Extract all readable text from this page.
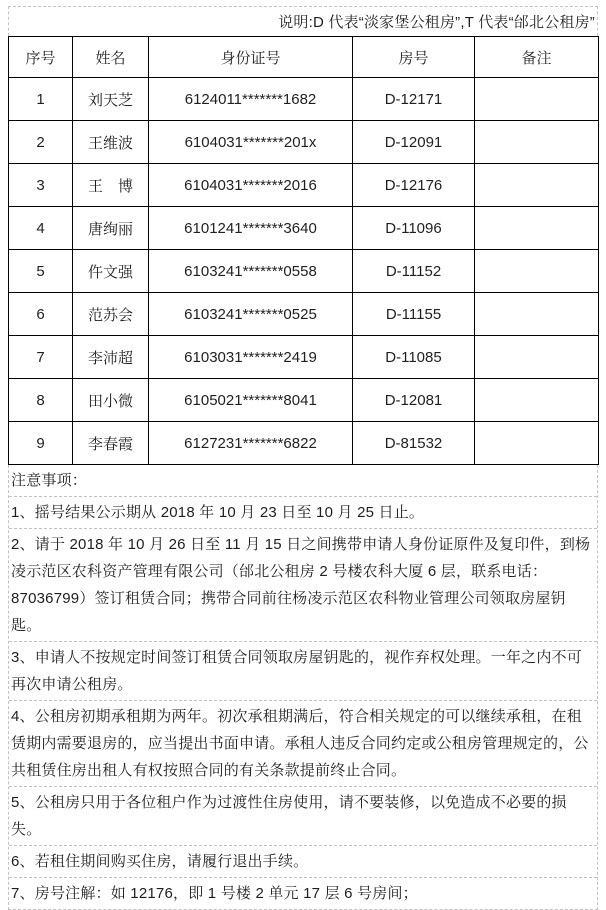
说明:D 代表“淡家堡公租房”,T 代表“邰北公租房”
序号	姓名	身份证号	房号	备注
1	刘天芝	6124011*******1682	D-12171	
2	王维波	6104031*******201x	D-12091	
3	王　博	6104031*******2016	D-12176	
4	唐绚丽	6101241*******3640	D-11096	
5	仵文强	6103241*******0558	D-11152	
6	范苏会	6103241*******0525	D-11155	
7	李沛超	6103031*******2419	D-11085	
8	田小微	6105021*******8041	D-12081	
9	李春霞	6127231*******6822	D-81532	
注意事项：
1、摇号结果公示期从 2018 年 10 月 23 日至 10 月 25 日止。
2、请于 2018 年 10 月 26 日至 11 月 15 日之间携带申请人身份证原件及复印件，到杨凌示范区农科资产管理有限公司（邰北公租房 2 号楼农科大厦 6 层，联系电话：87036799）签订租赁合同；携带合同前往杨凌示范区农科物业管理公司领取房屋钥匙。
3、申请人不按规定时间签订租赁合同领取房屋钥匙的，视作弃权处理。一年之内不可再次申请公租房。
4、公租房初期承租期为两年。初次承租期满后，符合相关规定的可以继续承租，在租赁期内需要退房的，应当提出书面申请。承租人违反合同约定或公租房管理规定的，公共租赁住房出租人有权按照合同的有关条款提前终止合同。
5、公租房只用于各位租户作为过渡性住房使用，请不要装修，以免造成不必要的损失。
6、若租住期间购买住房，请履行退出手续。
7、房号注解：如 12176，即 1 号楼 2 单元 17 层 6 号房间；
